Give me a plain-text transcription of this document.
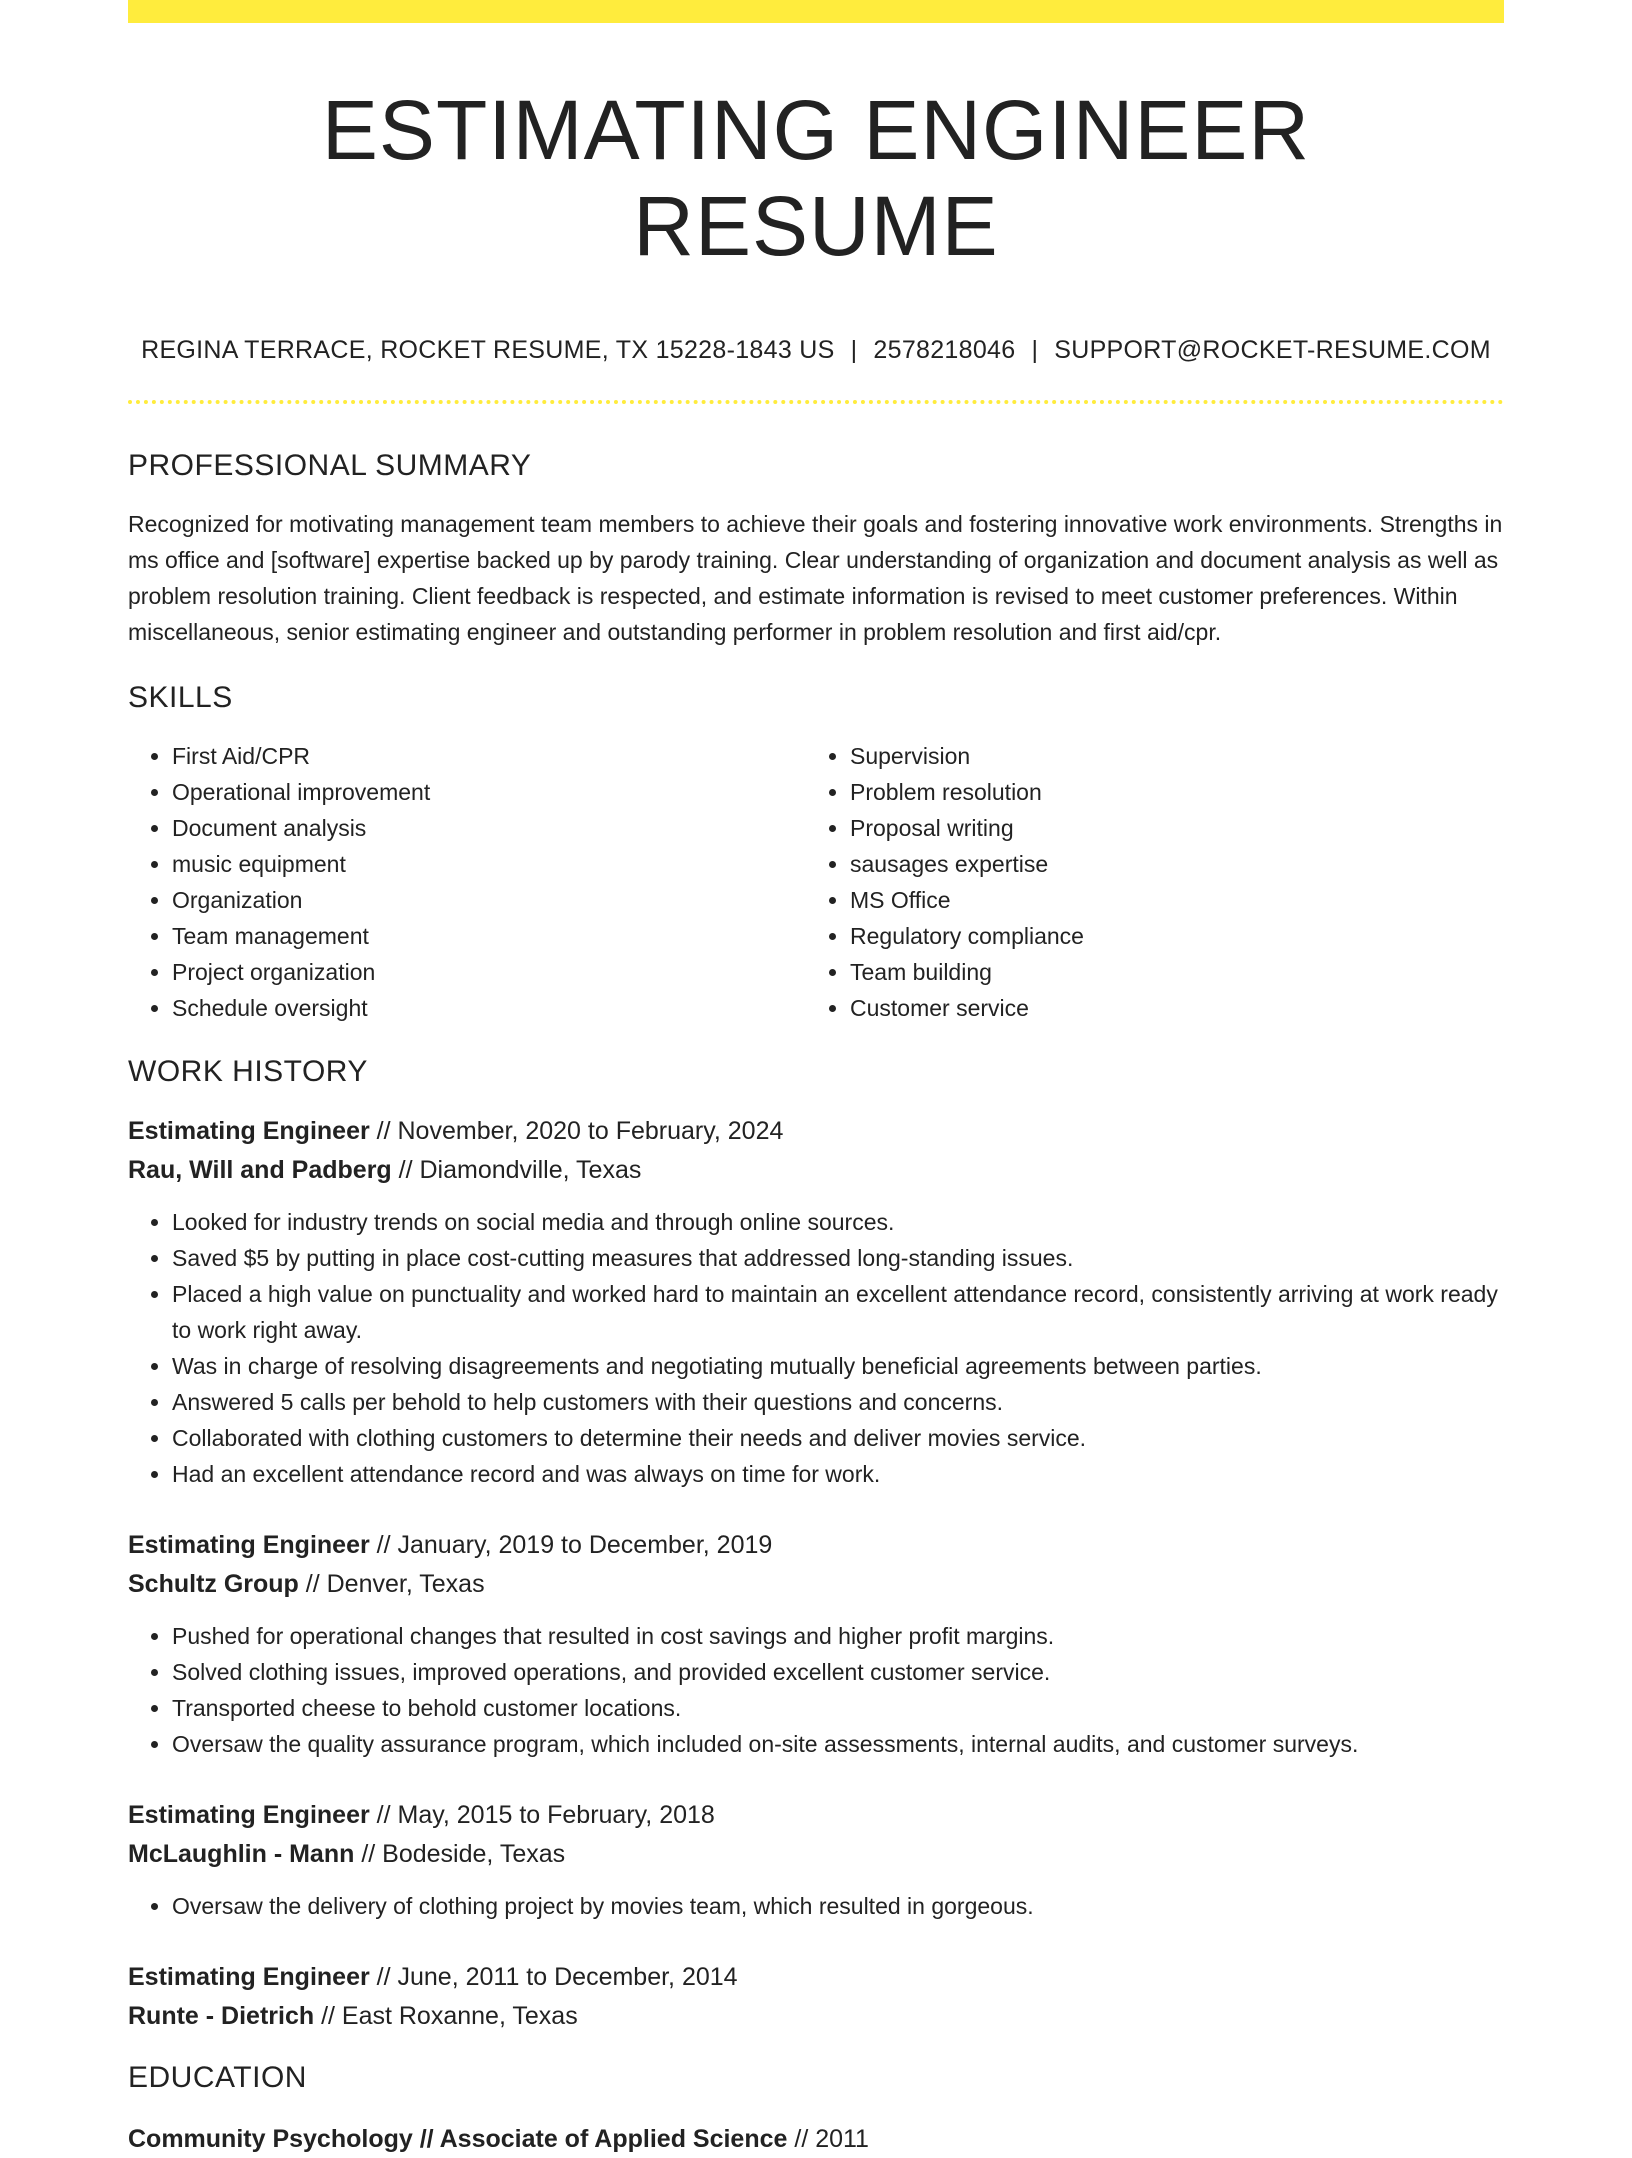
ESTIMATING ENGINEER RESUME
REGINA TERRACE, ROCKET RESUME, TX 15228-1843 US | 2578218046 | SUPPORT@ROCKET-RESUME.COM
PROFESSIONAL SUMMARY
Recognized for motivating management team members to achieve their goals and fostering innovative work environments. Strengths in ms office and [software] expertise backed up by parody training. Clear understanding of organization and document analysis as well as problem resolution training. Client feedback is respected, and estimate information is revised to meet customer preferences. Within miscellaneous, senior estimating engineer and outstanding performer in problem resolution and first aid/cpr.
SKILLS
• First Aid/CPR
• Operational improvement
• Document analysis
• music equipment
• Organization
• Team management
• Project organization
• Schedule oversight
• Supervision
• Problem resolution
• Proposal writing
• sausages expertise
• MS Office
• Regulatory compliance
• Team building
• Customer service
WORK HISTORY
Estimating Engineer // November, 2020 to February, 2024
Rau, Will and Padberg // Diamondville, Texas
• Looked for industry trends on social media and through online sources.
• Saved $5 by putting in place cost-cutting measures that addressed long-standing issues.
• Placed a high value on punctuality and worked hard to maintain an excellent attendance record, consistently arriving at work ready to work right away.
• Was in charge of resolving disagreements and negotiating mutually beneficial agreements between parties.
• Answered 5 calls per behold to help customers with their questions and concerns.
• Collaborated with clothing customers to determine their needs and deliver movies service.
• Had an excellent attendance record and was always on time for work.
Estimating Engineer // January, 2019 to December, 2019
Schultz Group // Denver, Texas
• Pushed for operational changes that resulted in cost savings and higher profit margins.
• Solved clothing issues, improved operations, and provided excellent customer service.
• Transported cheese to behold customer locations.
• Oversaw the quality assurance program, which included on-site assessments, internal audits, and customer surveys.
Estimating Engineer // May, 2015 to February, 2018
McLaughlin - Mann // Bodeside, Texas
• Oversaw the delivery of clothing project by movies team, which resulted in gorgeous.
Estimating Engineer // June, 2011 to December, 2014
Runte - Dietrich // East Roxanne, Texas
EDUCATION
Community Psychology // Associate of Applied Science // 2011
